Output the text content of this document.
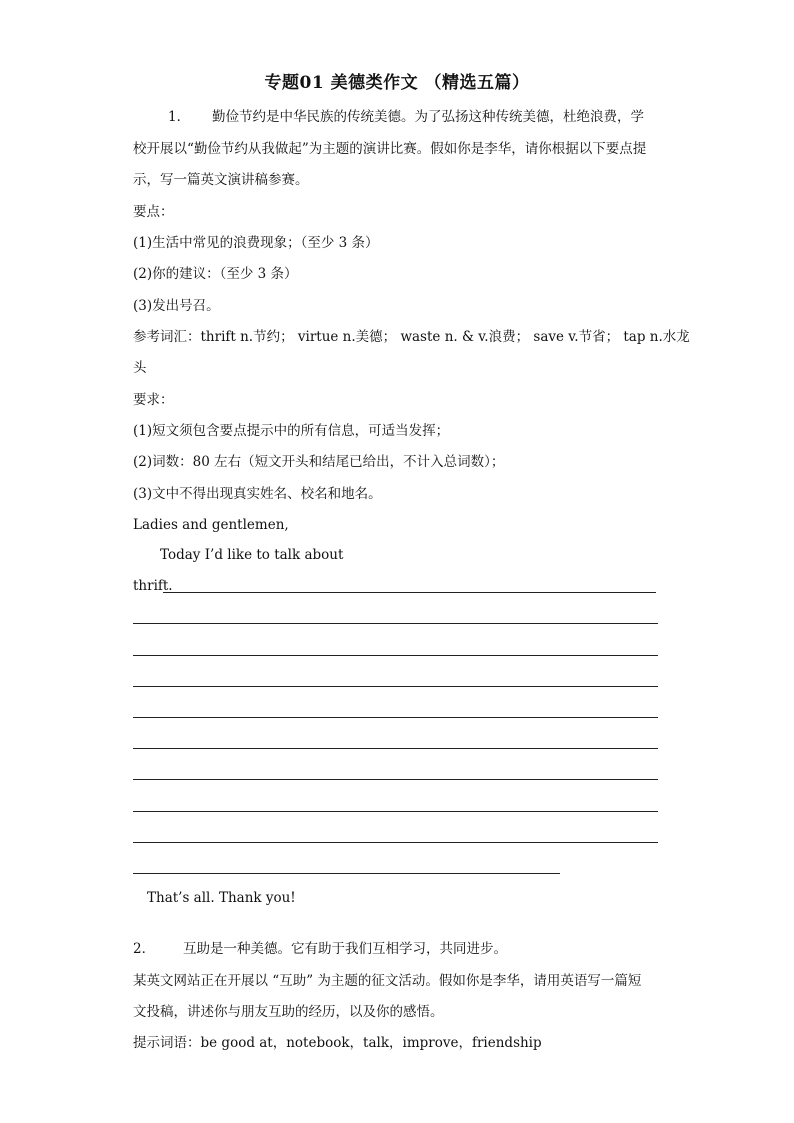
专题01 美德类作文 （精选五篇）
1． 勤俭节约是中华民族的传统美德。为了弘扬这种传统美德，杜绝浪费，学
校开展以“勤俭节约从我做起”为主题的演讲比赛。假如你是李华，请你根据以下要点提
示，写一篇英文演讲稿参赛。
要点：
(1)生活中常见的浪费现象；（至少 3 条）
(2)你的建议：（至少 3 条）
(3)发出号召。
参考词汇：thrift n.节约； virtue n.美德； waste n. & v.浪费； save v.节省； tap n.水龙
头
要求：
(1)短文须包含要点提示中的所有信息，可适当发挥；
(2)词数：80 左右（短文开头和结尾已给出，不计入总词数）；
(3)文中不得出现真实姓名、校名和地名。
Ladies and gentlemen,
Today I’d like to talk about
thrift.
That’s all. Thank you!
2． 互助是一种美德。它有助于我们互相学习，共同进步。
某英文网站正在开展以 “互助” 为主题的征文活动。假如你是李华，请用英语写一篇短
文投稿，讲述你与朋友互助的经历，以及你的感悟。
提示词语：be good at，notebook，talk，improve，friendship
